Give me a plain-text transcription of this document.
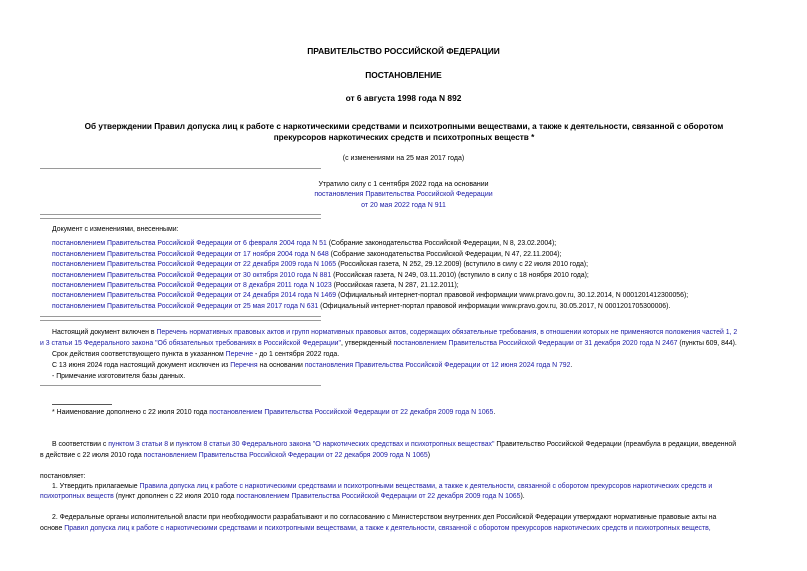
ПРАВИТЕЛЬСТВО РОССИЙСКОЙ ФЕДЕРАЦИИ
ПОСТАНОВЛЕНИЕ
от 6 августа 1998 года N 892
Об утверждении Правил допуска лиц к работе с наркотическими средствами и психотропными веществами, а также к деятельности, связанной с оборотом
прекурсоров наркотических средств и психотропных веществ *
(с изменениями на 25 мая 2017 года)
Утратило силу с 1 сентября 2022 года на основании
постановления Правительства Российской Федерации
от 20 мая 2022 года N 911
Документ с изменениями, внесенными:
постановлением Правительства Российской Федерации от 6 февраля 2004 года N 51 (Собрание законодательства Российской Федерации, N 8, 23.02.2004);
постановлением Правительства Российской Федерации от 17 ноября 2004 года N 648 (Собрание законодательства Российской Федерации, N 47, 22.11.2004);
постановлением Правительства Российской Федерации от 22 декабря 2009 года N 1065 (Российская газета, N 252, 29.12.2009) (вступило в силу с 22 июля 2010 года);
постановлением Правительства Российской Федерации от 30 октября 2010 года N 881 (Российская газета, N 249, 03.11.2010) (вступило в силу с 18 ноября 2010 года);
постановлением Правительства Российской Федерации от 8 декабря 2011 года N 1023 (Российская газета, N 287, 21.12.2011);
постановлением Правительства Российской Федерации от 24 декабря 2014 года N 1469 (Официальный интернет-портал правовой информации www.pravo.gov.ru, 30.12.2014, N 0001201412300056);
постановлением Правительства Российской Федерации от 25 мая 2017 года N 631 (Официальный интернет-портал правовой информации www.pravo.gov.ru, 30.05.2017, N 0001201705300006).
Настоящий документ включен в Перечень нормативных правовых актов и групп нормативных правовых актов, содержащих обязательные требования, в отношении которых не применяются положения частей 1, 2
и 3 статьи 15 Федерального закона "Об обязательных требованиях в Российской Федерации", утвержденный постановлением Правительства Российской Федерации от 31 декабря 2020 года N 2467 (пункты 609, 844).
Срок действия соответствующего пункта в указанном Перечне - до 1 сентября 2022 года.
С 13 июня 2024 года настоящий документ исключен из Перечня на основании постановления Правительства Российской Федерации от 12 июня 2024 года N 792.
- Примечание изготовителя базы данных.
* Наименование дополнено с 22 июля 2010 года постановлением Правительства Российской Федерации от 22 декабря 2009 года N 1065.
В соответствии с пунктом 3 статьи 8 и пунктом 8 статьи 30 Федерального закона "О наркотических средствах и психотропных веществах" Правительство Российской Федерации (преамбула в редакции, введенной
в действие с 22 июля 2010 года постановлением Правительства Российской Федерации от 22 декабря 2009 года N 1065)
постановляет:
1. Утвердить прилагаемые Правила допуска лиц к работе с наркотическими средствами и психотропными веществами, а также к деятельности, связанной с оборотом прекурсоров наркотических средств и
психотропных веществ (пункт дополнен с 22 июля 2010 года постановлением Правительства Российской Федерации от 22 декабря 2009 года N 1065).
2. Федеральные органы исполнительной власти при необходимости разрабатывают и по согласованию с Министерством внутренних дел Российской Федерации утверждают нормативные правовые акты на
основе Правил допуска лиц к работе с наркотическими средствами и психотропными веществами, а также к деятельности, связанной с оборотом прекурсоров наркотических средств и психотропных веществ,
